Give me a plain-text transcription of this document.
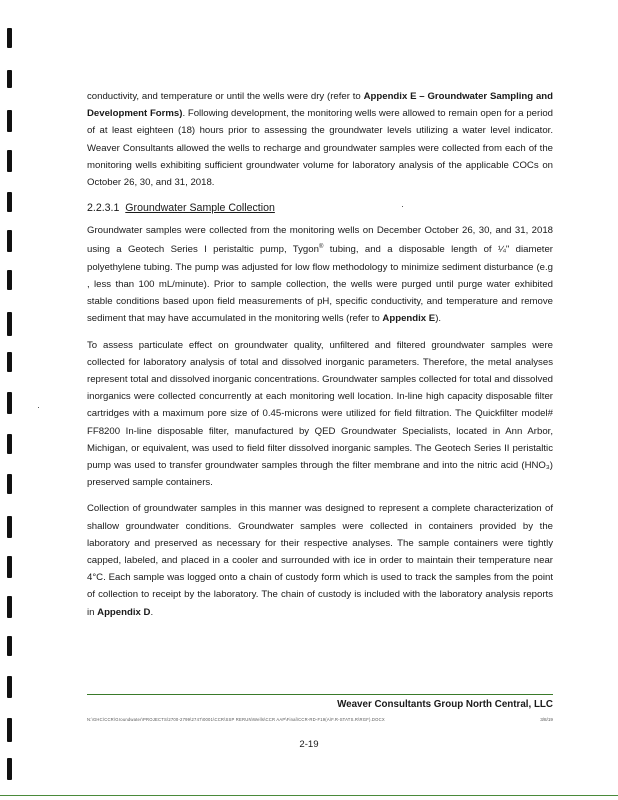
conductivity, and temperature or until the wells were dry (refer to Appendix E – Groundwater Sampling and Development Forms). Following development, the monitoring wells were allowed to remain open for a period of at least eighteen (18) hours prior to assessing the groundwater levels utilizing a water level indicator. Weaver Consultants allowed the wells to recharge and groundwater samples were collected from each of the monitoring wells exhibiting sufficient groundwater volume for laboratory analysis of the applicable COCs on October 26, 30, and 31, 2018.

2.2.3.1 Groundwater Sample Collection

Groundwater samples were collected from the monitoring wells on December October 26, 30, and 31, 2018 using a Geotech Series I peristaltic pump, Tygon® tubing, and a disposable length of ¼" diameter polyethylene tubing. The pump was adjusted for low flow methodology to minimize sediment disturbance (e.g , less than 100 mL/minute). Prior to sample collection, the wells were purged until purge water exhibited stable conditions based upon field measurements of pH, specific conductivity, and temperature and remove sediment that may have accumulated in the monitoring wells (refer to Appendix E).

To assess particulate effect on groundwater quality, unfiltered and filtered groundwater samples were collected for laboratory analysis of total and dissolved inorganic parameters. Therefore, the metal analyses represent total and dissolved inorganic concentrations. Groundwater samples collected for total and dissolved inorganics were collected concurrently at each monitoring well location. In-line high capacity disposable filter cartridges with a maximum pore size of 0.45-microns were utilized for field filtration. The Quickfilter model# FF8200 In-line disposable filter, manufactured by QED Groundwater Specialists, located in Ann Arbor, Michigan, or equivalent, was used to field filter dissolved inorganic samples. The Geotech Series II peristaltic pump was used to transfer groundwater samples through the filter membrane and into the nitric acid (HNO₃) preserved sample containers.

Collection of groundwater samples in this manner was designed to represent a complete characterization of shallow groundwater conditions. Groundwater samples were collected in containers provided by the laboratory and preserved as necessary for their respective analyses. The sample containers were tightly capped, labeled, and placed in a cooler and surrounded with ice in order to maintain their temperature near 4°C. Each sample was logged onto a chain of custody form which is used to track the samples from the point of collection to receipt by the laboratory. The chain of custody is included with the laboratory analysis reports in Appendix D.

Weaver Consultants Group North Central, LLC
N:\GHC\CCR\Groundwater\PROJECTS\2700-2799\2747\0001\CCR\SSP RERUN\Wells\CCR AAP\Final\CCR-RD-F19(A\F.R-STATS.R\RGF).DOCX	3/8/19
2-19
